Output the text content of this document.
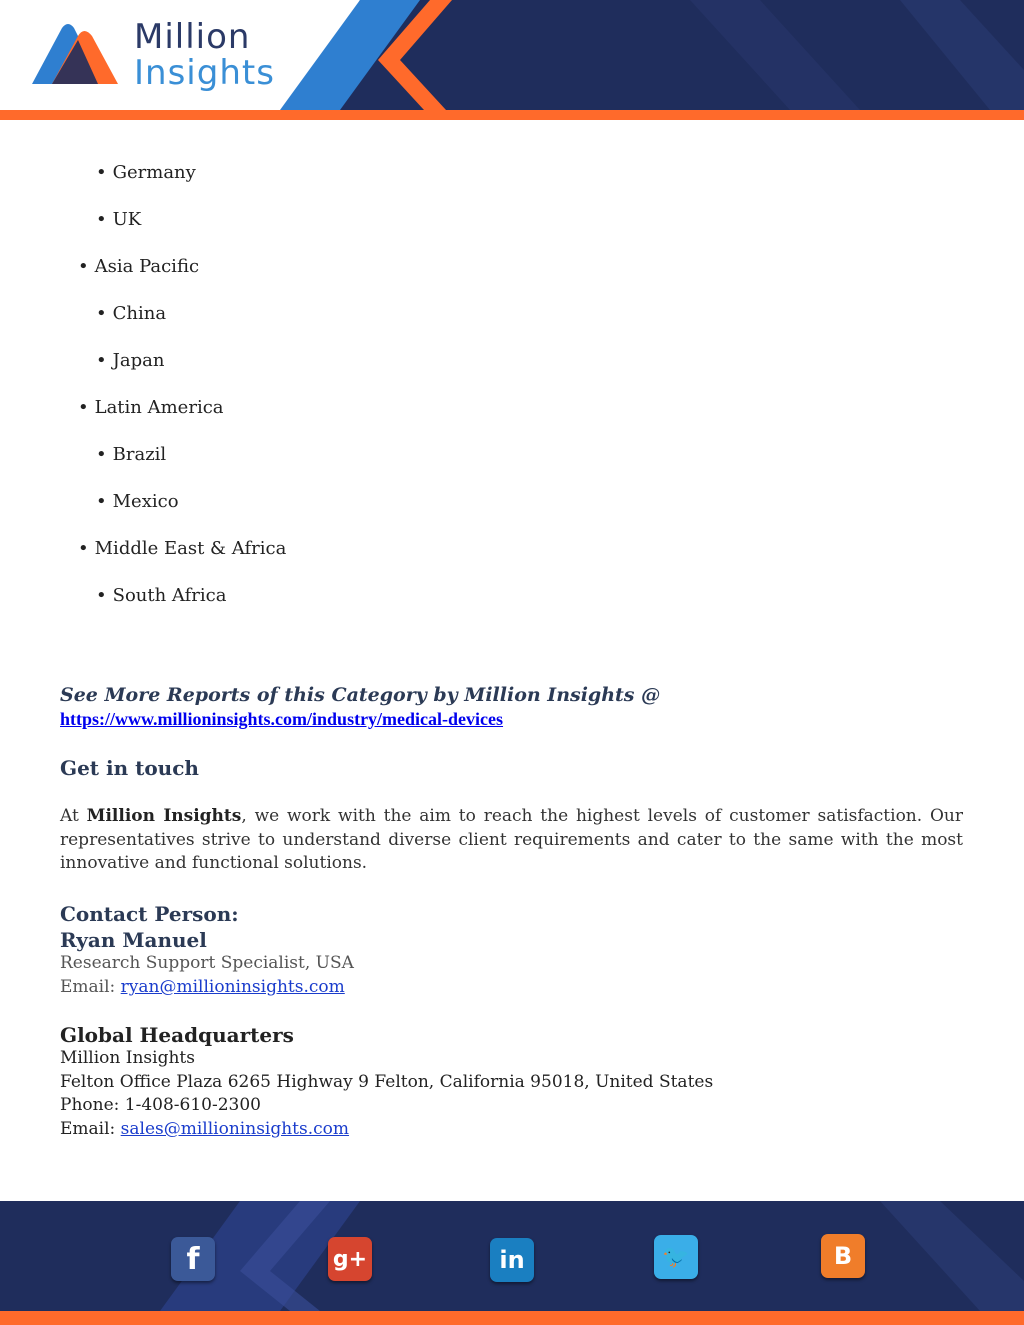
Million
Insights
• Germany
• UK
• Asia Pacific
• China
• Japan
• Latin America
• Brazil
• Mexico
• Middle East & Africa
• South Africa
See More Reports of this Category by Million Insights @
https://www.millioninsights.com/industry/medical-devices
Get in touch

At Million Insights, we work with the aim to reach the highest levels of customer satisfaction. Our representatives strive to understand diverse client requirements and cater to the same with the most innovative and functional solutions.

Contact Person:
Ryan Manuel
Research Support Specialist, USA
Email: ryan@millioninsights.com
Global Headquarters
Million Insights
Felton Office Plaza 6265 Highway 9 Felton, California 95018, United States
Phone: 1-408-610-2300
Email: sales@millioninsights.com
f	g+	in	🐦	B
